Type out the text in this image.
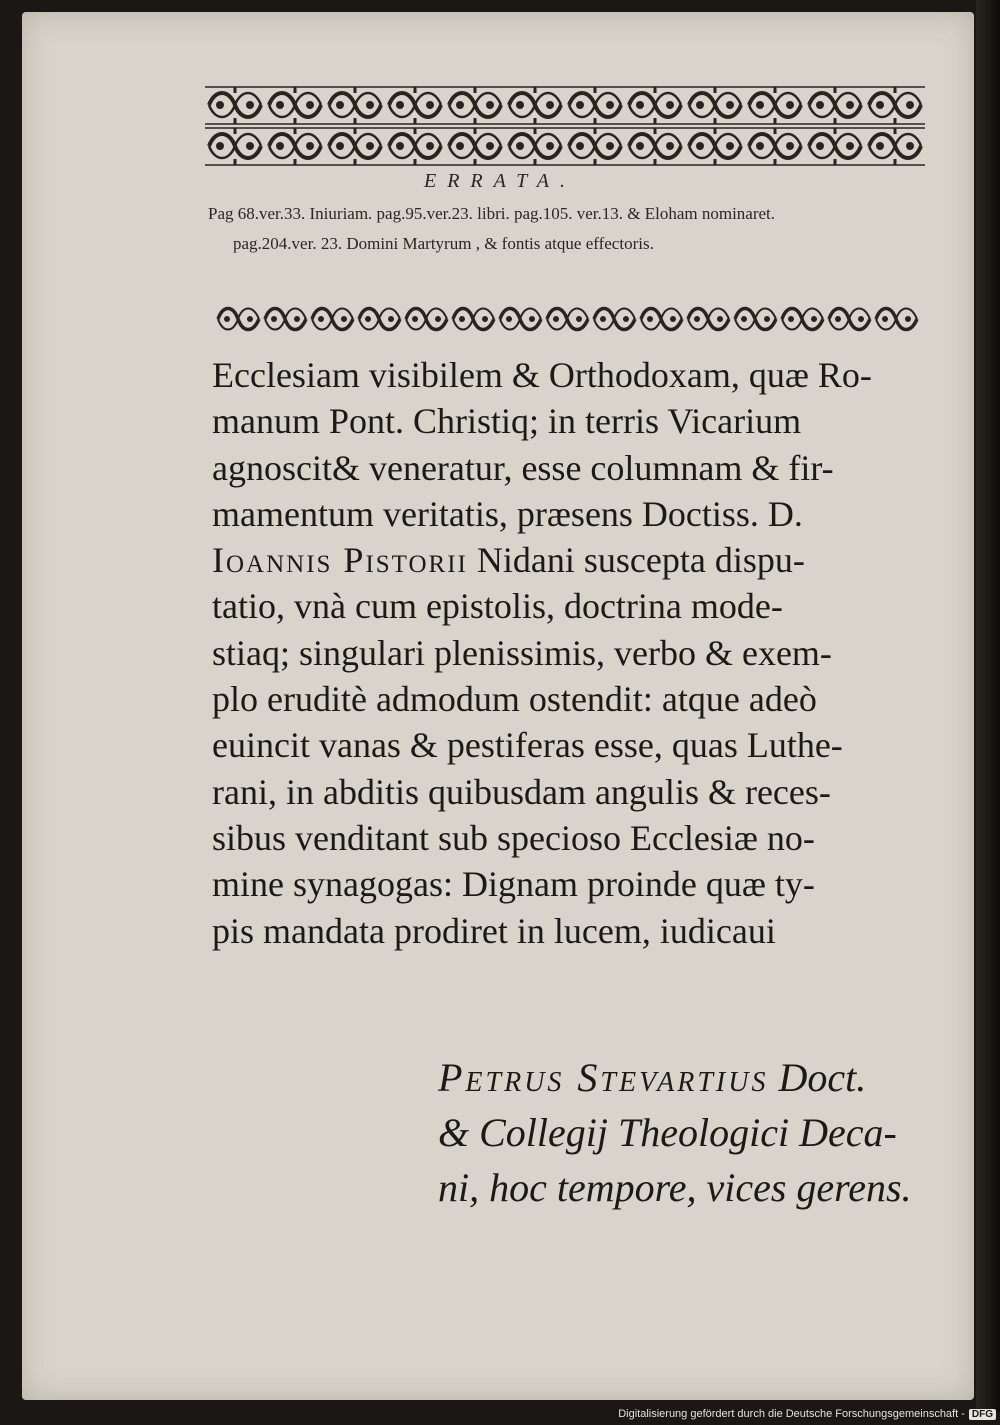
ERRATA.
Pag 68.ver.33. Iniuriam. pag.95.ver.23. libri. pag.105. ver.13. & Eloham nominaret.
pag.204.ver. 23. Domini Martyrum , & fontis atque effectoris.
Ecclesiam visibilem & Orthodoxam, quæ Ro-
manum Pont. Christiq; in terris Vicarium
agnoscit& veneratur, esse columnam & fir-
mamentum veritatis, præsens Doctiss. D.
Ioannis Pistorii Nidani suscepta dispu-
tatio, vnà cum epistolis, doctrina mode-
stiaq; singulari plenissimis, verbo & exem-
plo eruditè admodum ostendit: atque adeò
euincit vanas & pestiferas esse, quas Luthe-
rani, in abditis quibusdam angulis & reces-
sibus venditant sub specioso Ecclesiæ no-
mine synagogas: Dignam proinde quæ ty-
pis mandata prodiret in lucem, iudicaui
Petrus Stevartius Doct.
& Collegij Theologici Deca-
ni, hoc tempore, vices gerens.
Digitalisierung gefördert durch die Deutsche Forschungsgemeinschaft - DFG
